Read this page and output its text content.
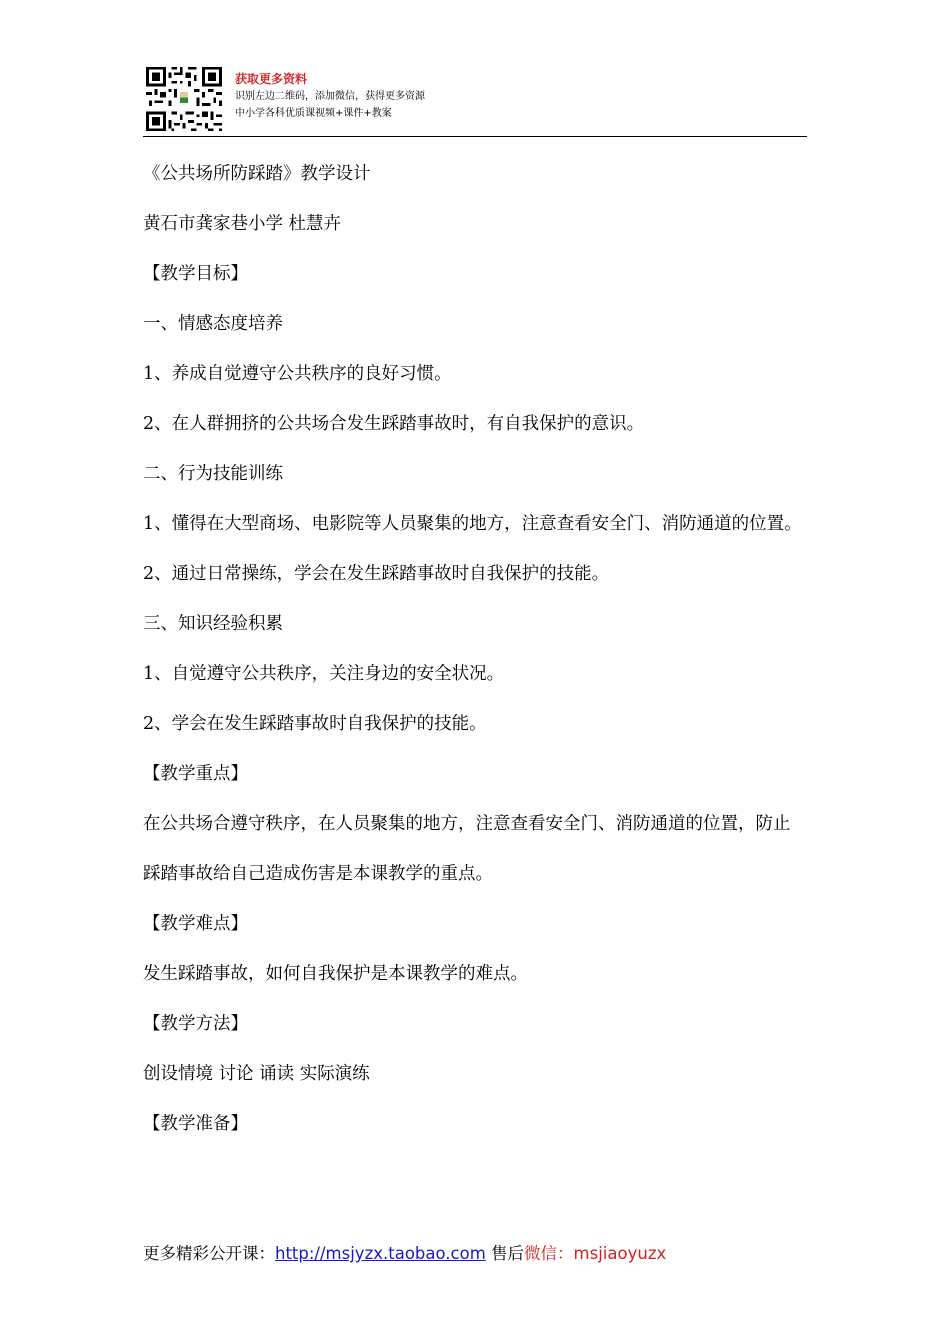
获取更多资料
识别左边二维码，添加微信，获得更多资源
中小学各科优质课视频+课件+教案
《公共场所防踩踏》教学设计
黄石市龚家巷小学 杜慧卉
【教学目标】
一、情感态度培养
1、养成自觉遵守公共秩序的良好习惯。
2、在人群拥挤的公共场合发生踩踏事故时，有自我保护的意识。
二、行为技能训练
1、懂得在大型商场、电影院等人员聚集的地方，注意查看安全门、消防通道的位置。
2、通过日常操练，学会在发生踩踏事故时自我保护的技能。
三、知识经验积累
1、自觉遵守公共秩序，关注身边的安全状况。
2、学会在发生踩踏事故时自我保护的技能。
【教学重点】
在公共场合遵守秩序，在人员聚集的地方，注意查看安全门、消防通道的位置，防止踩踏事故给自己造成伤害是本课教学的重点。
【教学难点】
发生踩踏事故，如何自我保护是本课教学的难点。
【教学方法】
创设情境 讨论 诵读 实际演练
【教学准备】
更多精彩公开课：http://msjyzx.taobao.com 售后微信：msjiaoyuzx
